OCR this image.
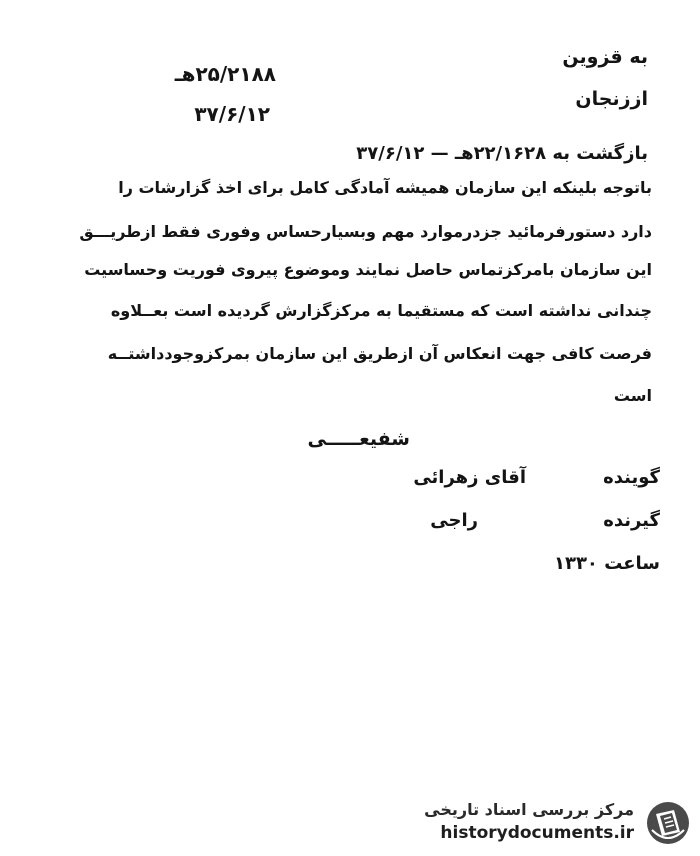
به قزوین
اززنجان
۲۵/۲۱۸۸هـ
۳۷/۶/۱۲
بازگشت به ۲۲/۱۶۲۸هـ — ۳۷/۶/۱۲
باتوجه بلینکه این سازمان همیشه آمادگی کامل برای اخذ گزارشات را
دارد دستورفرمائید جزدرموارد مهم وبسیارحساس وفوری فقط ازطریـــق
این سازمان بامرکزتماس حاصل نمایند وموضوع پیروی فوریت وحساسیت
چندانی نداشته است که مستقیما به مرکزگزارش گردیده است بعــلاوه
فرصت کافی جهت انعکاس آن ازطریق این سازمان بمرکزوجودداشتــه
است
شفیعـــــی
گوینده
آقای زهرائی
گیرنده
راجی
ساعت ۱۳۳۰
مرکز بررسی اسناد تاریخی
historydocuments.ir
